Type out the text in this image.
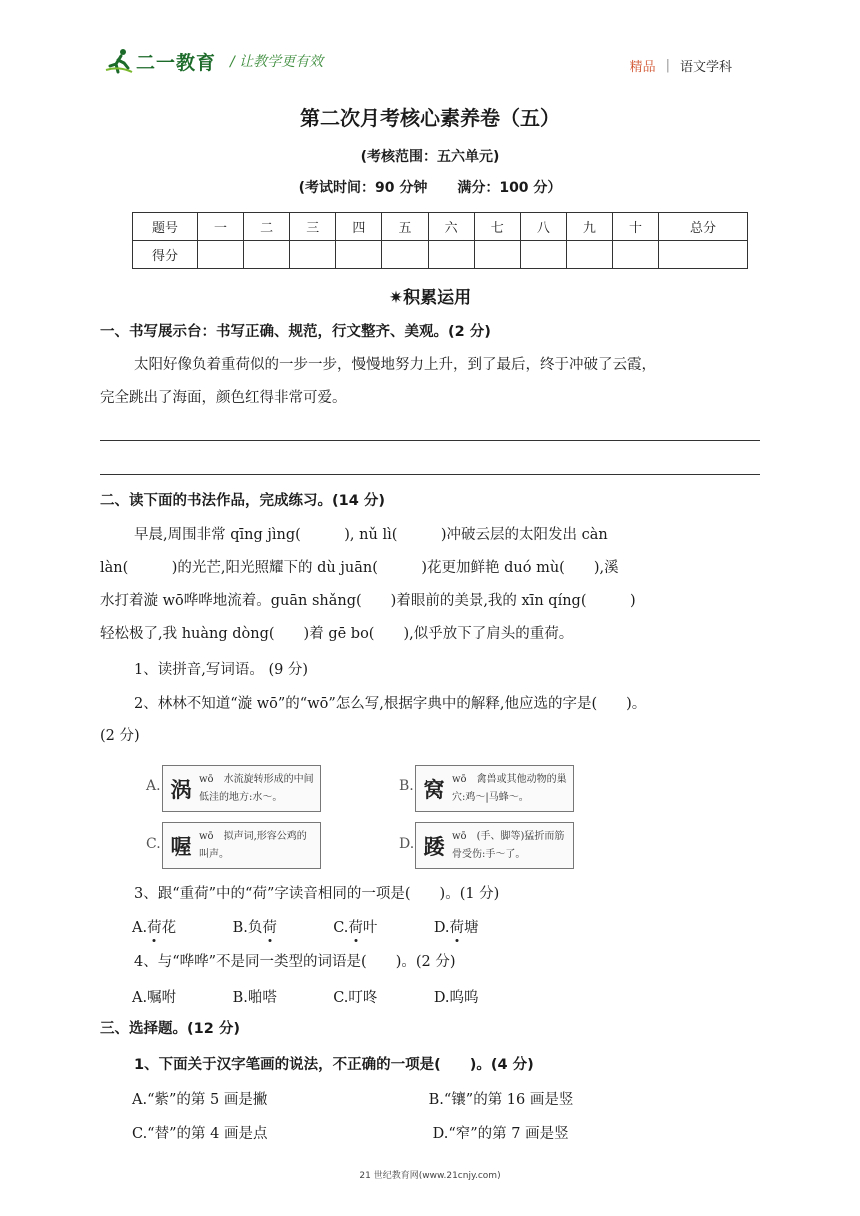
二一教育 / 让教学更有效	精品 | 语文学科
第二次月考核心素养卷（五）
(考核范围：五六单元)
(考试时间：90 分钟 满分：100 分）
题号	一	二	三	四	五	六	七	八	九	十	总分
得分											
✷积累运用
一、书写展示台：书写正确、规范，行文整齐、美观。(2 分)
太阳好像负着重荷似的一步一步，慢慢地努力上升，到了最后，终于冲破了云霞，
完全跳出了海面，颜色红得非常可爱。
二、读下面的书法作品，完成练习。(14 分)
早晨,周围非常 qīng jìng(　　　), nǔ lì(　　　)冲破云层的太阳发出 càn
làn(　　　)的光芒,阳光照耀下的 dù juān(　　　)花更加鲜艳 duó mù(　　),溪
水打着漩 wō哗哗地流着。guān shǎng(　　)着眼前的美景,我的 xīn qíng(　　　)
轻松极了,我 huàng dòng(　　)着 gē bo(　　),似乎放下了肩头的重荷。
1、读拼音,写词语。 (9 分)
2、林林不知道“漩 wō”的“wō”怎么写,根据字典中的解释,他应选的字是(　　)。
(2 分)
A. 涡 wō　水流旋转形成的中间
低洼的地方:水～。
B. 窝 wō　禽兽或其他动物的巢
穴:鸡～|马蜂～。
C. 喔 wō　拟声词,形容公鸡的
叫声。
D. 踒 wō　(手、脚等)猛折而筋
骨受伤:手～了。
3、跟“重荷”中的“荷”字读音相同的一项是(　　)。(1 分)
A.荷花	B.负荷	C.荷叶	D.荷塘
4、与“哗哗”不是同一类型的词语是(　　)。(2 分)
A.嘱咐	B.啪嗒	C.叮咚	D.呜呜
三、选择题。(12 分)
1、下面关于汉字笔画的说法，不正确的一项是(　　)。(4 分)
A.“紫”的第 5 画是撇	B.“镶”的第 16 画是竖
C.“替”的第 4 画是点	D.“窄”的第 7 画是竖
21 世纪教育网(www.21cnjy.com)
